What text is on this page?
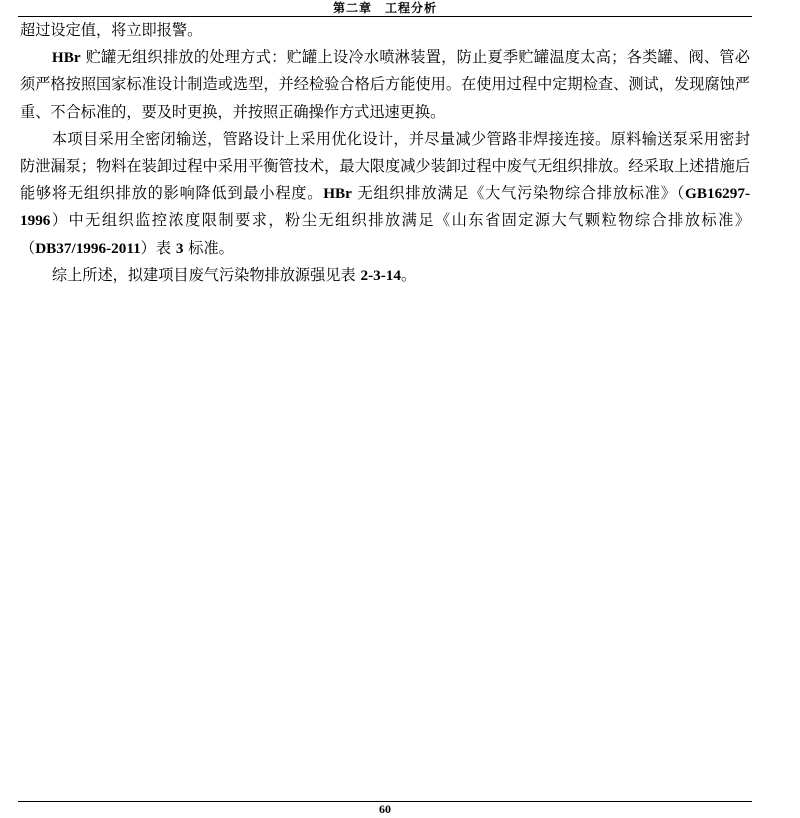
第二章　工程分析

超过设定值，将立即报警。

HBr 贮罐无组织排放的处理方式：贮罐上设冷水喷淋装置，防止夏季贮罐温度太高；各类罐、阀、管必须严格按照国家标准设计制造或选型，并经检验合格后方能使用。在使用过程中定期检查、测试，发现腐蚀严重、不合标准的，要及时更换，并按照正确操作方式迅速更换。

本项目采用全密闭输送，管路设计上采用优化设计，并尽量减少管路非焊接连接。原料输送泵采用密封防泄漏泵；物料在装卸过程中采用平衡管技术，最大限度减少装卸过程中废气无组织排放。经采取上述措施后能够将无组织排放的影响降低到最小程度。HBr 无组织排放满足《大气污染物综合排放标准》（GB16297-1996）中无组织监控浓度限制要求，粉尘无组织排放满足《山东省固定源大气颗粒物综合排放标准》（DB37/1996-2011）表 3 标准。

综上所述，拟建项目废气污染物排放源强见表 2-3-14。

60
